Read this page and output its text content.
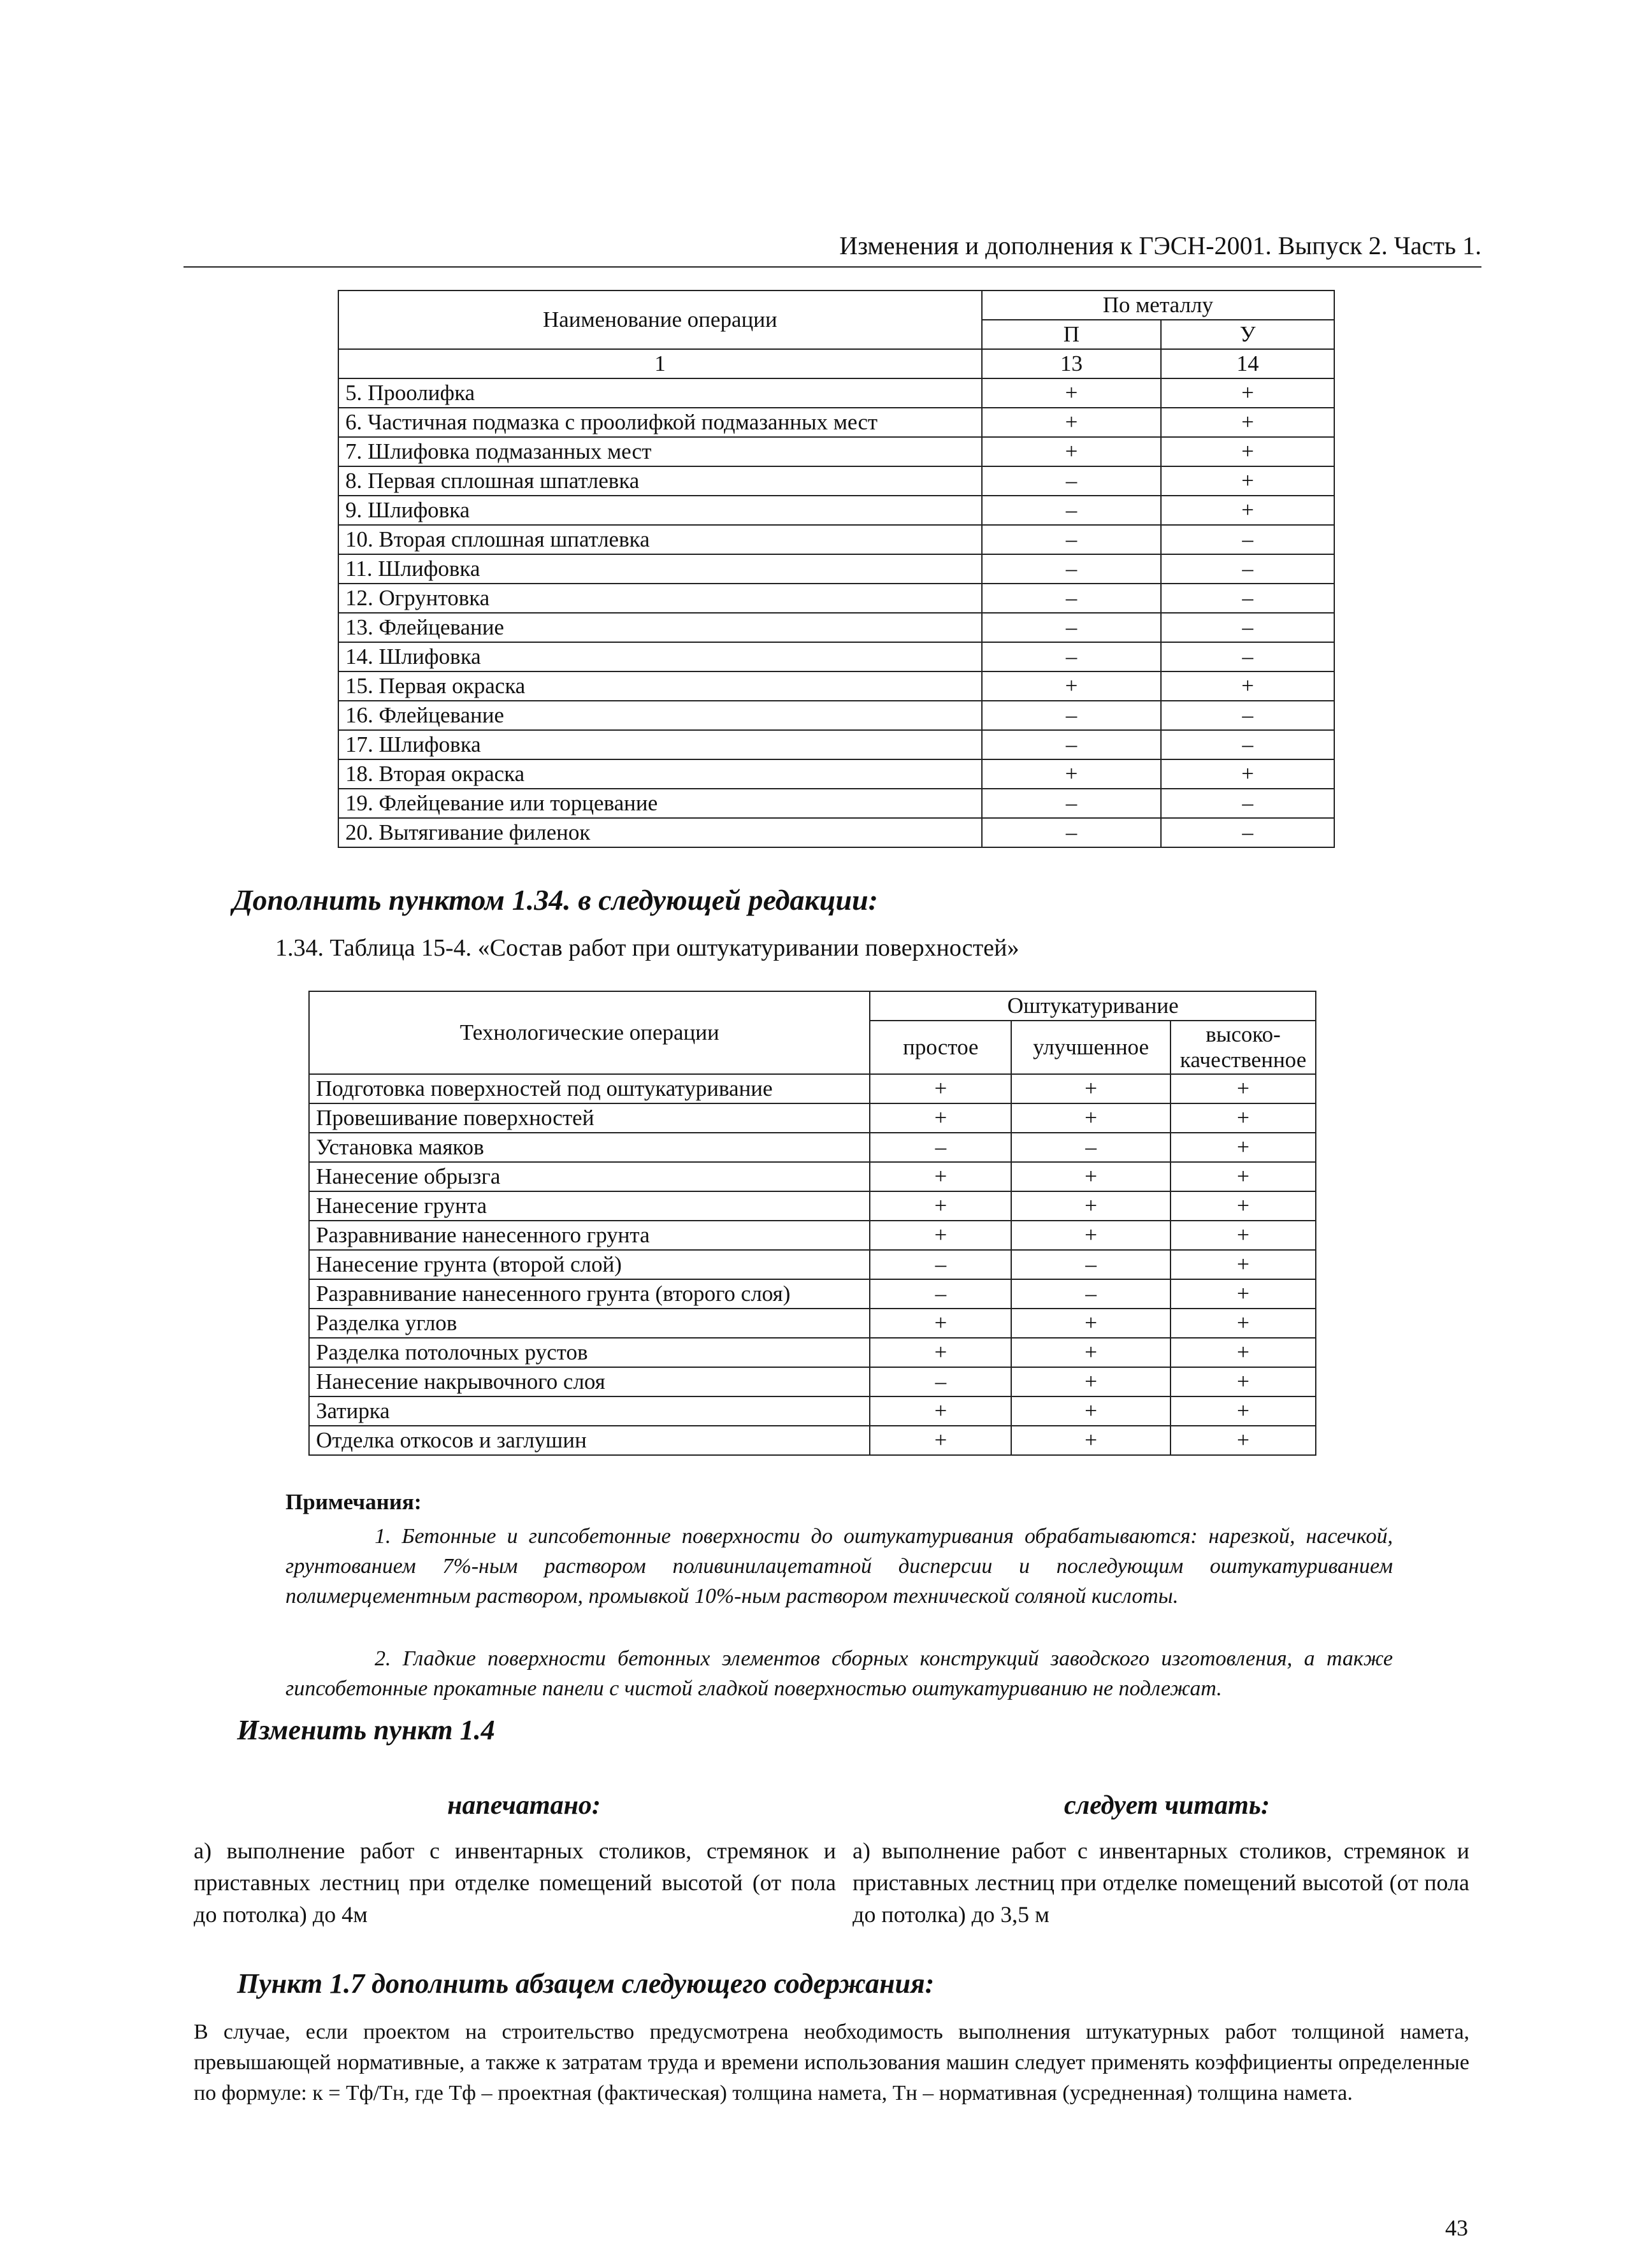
Изменения и дополнения к ГЭСН-2001. Выпуск 2. Часть 1.
Наименование операции	По металлу	
	П	У
1	13	14
5. Проолифка	+	+
6. Частичная подмазка с проолифкой подмазанных мест	+	+
7. Шлифовка подмазанных мест	+	+
8. Первая сплошная шпатлевка	–	+
9. Шлифовка	–	+
10. Вторая сплошная шпатлевка	–	–
11. Шлифовка	–	–
12. Огрунтовка	–	–
13. Флейцевание	–	–
14. Шлифовка	–	–
15. Первая окраска	+	+
16. Флейцевание	–	–
17. Шлифовка	–	–
18. Вторая окраска	+	+
19. Флейцевание или торцевание	–	–
20. Вытягивание филенок	–	–
Дополнить пунктом 1.34. в следующей редакции:
1.34. Таблица 15-4. «Состав работ при оштукатуривании поверхностей»
Технологические операции	Оштукатуривание		
	простое	улучшенное	высоко-качественное
Подготовка поверхностей под оштукатуривание	+	+	+
Провешивание поверхностей	+	+	+
Установка маяков	–	–	+
Нанесение обрызга	+	+	+
Нанесение грунта	+	+	+
Разравнивание нанесенного грунта	+	+	+
Нанесение грунта (второй слой)	–	–	+
Разравнивание нанесенного грунта (второго слоя)	–	–	+
Разделка углов	+	+	+
Разделка потолочных рустов	+	+	+
Нанесение накрывочного слоя	–	+	+
Затирка	+	+	+
Отделка откосов и заглушин	+	+	+
Примечания:
1. Бетонные и гипсобетонные поверхности до оштукатуривания обрабатываются: нарезкой, насечкой, грунтованием 7%-ным раствором поливинилацетатной дисперсии и последующим оштукатуриванием полимерцементным раствором, промывкой 10%-ным раствором технической соляной кислоты.
2. Гладкие поверхности бетонных элементов сборных конструкций заводского изготовления, а также гипсобетонные прокатные панели с чистой гладкой поверхностью оштукатуриванию не подлежат.
Изменить пункт 1.4
напечатано:	следует читать:
а) выполнение работ с инвентарных столиков, стремянок и приставных лестниц при отделке помещений высотой (от пола до потолка) до 4м
а) выполнение работ с инвентарных столиков, стремянок и приставных лестниц при отделке помещений высотой (от пола до потолка) до 3,5 м
Пункт 1.7 дополнить абзацем следующего содержания:
В случае, если проектом на строительство предусмотрена необходимость выполнения штукатурных работ толщиной намета, превышающей нормативные, а также к затратам труда и времени использования машин следует применять коэффициенты определенные по формуле: к = Тф/Тн, где Тф – проектная (фактическая) толщина намета, Тн – нормативная (усредненная) толщина намета.
43
